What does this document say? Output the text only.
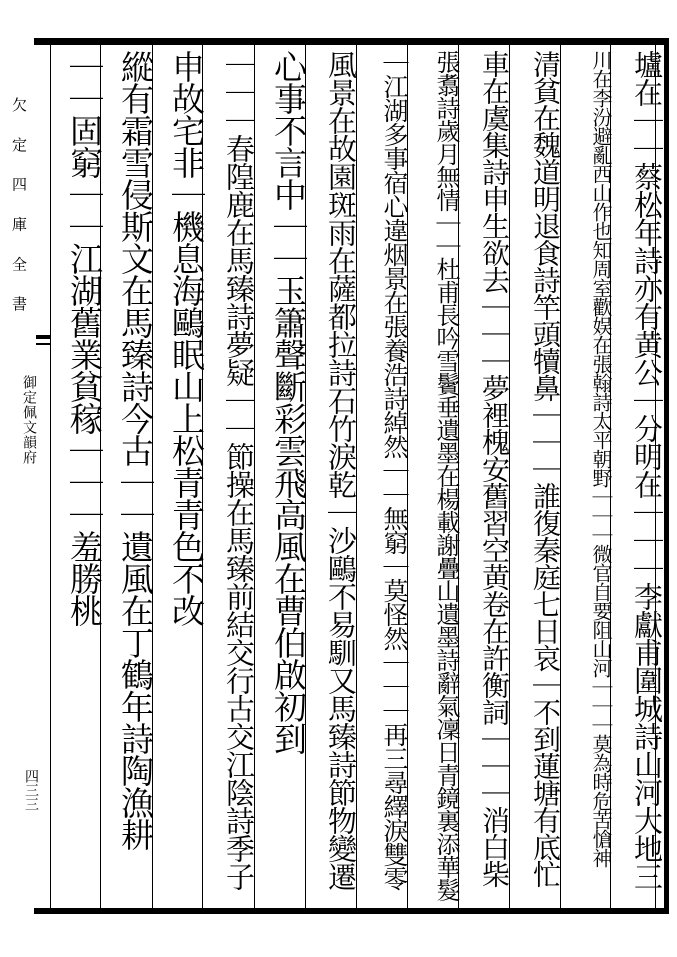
欠 定 四 庫 全 書
御定佩文韻府
四三三	壚在｜｜蔡松年詩亦有黄公｜分明在｜｜｜李獻甫圍城詩山河大地三
川在李汾避亂西山作也知周室歡娱在張翰詩太平朝野｜｜｜微官自要阻山河｜｜｜莫為時危苦愴神
清貧在魏道明退食詩竿頭犢鼻｜｜｜誰復秦庭七日哀｜不到蓮塘有底忙
車在虞集詩申生欲去｜｜｜夢裡槐安舊習空黄卷在許衡詞｜｜｜消白柴
張翥詩歲月無情｜｜杜甫長吟雪鬢垂遺墨在楊載謝疊山遺墨詩辭氣凜日青鏡裏添華髮
｜江湖多事宿心違烟景在張養浩詩綽然｜｜無窮｜莫怪然｜｜｜再三尋繹淚雙零
風景在故園斑雨在薩都拉詩石竹淚乾｜沙鷗不易馴又馬臻詩節物變遷
心事不言中｜｜玉簫聲斷彩雲飛高風在曹伯啟初到
｜｜｜春隍鹿在馬臻詩夢疑｜｜節操在馬臻前結交行古交江陰詩季子
申故宅非｜機息海鷗眠山上松青青色不改
縱有霜雪侵斯文在馬臻詩今古｜｜遺風在丁鶴年詩陶漁耕
｜｜固窮｜｜江湖舊業貧稼｜｜｜羞勝桃
